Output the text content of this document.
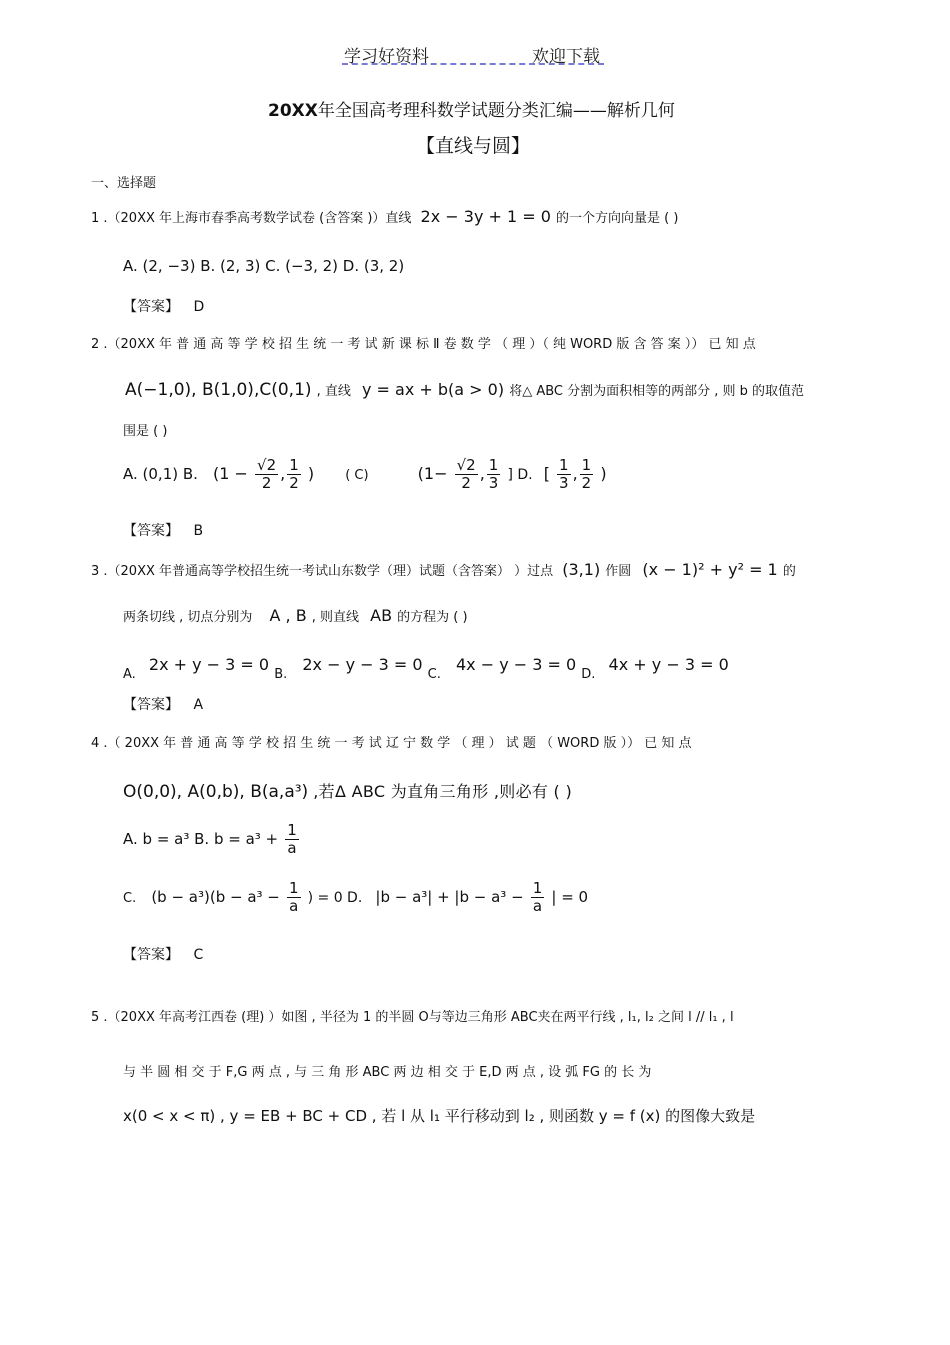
学习好资料	欢迎下载
20XX年全国高考理科数学试题分类汇编——解析几何
【直线与圆】
一、选择题
1 .（20XX 年上海市春季高考数学试卷 (含答案 )）直线 2x − 3y + 1 = 0 的一个方向向量是 ( )
A. (2, −3) B. (2, 3) C. (−3, 2) D. (3, 2)
【答案】 D
2 .（20XX 年 普 通 高 等 学 校 招 生 统 一 考 试 新 课 标 Ⅱ 卷 数 学 （ 理 ）（ 纯 WORD 版 含 答 案 ）） 已 知 点
A(−1,0), B(1,0),C(0,1) , 直线 y = ax + b(a > 0) 将△ ABC 分割为面积相等的两部分 , 则 b 的取值范
围是 ( )
A. (0,1) B. ($1 - \frac{√2}{2}$ , $\frac{1}{2}$ ) ( C)	($1- \frac{√2}{2}$ , $\frac{1}{3}$ ] D. [ $\frac{1}{3}$ , $\frac{1}{2}$ )
【答案】 B
3 .（20XX 年普通高等学校招生统一考试山东数学（理）试题（含答案） ）过点 (3,1) 作圆 (x − 1)² + y² = 1 的
两条切线 , 切点分别为 A , B , 则直线 AB 的方程为 ( )
$_{A.}$ 2x + y − 3 = 0 $_{B.}$ 2x − y − 3 = 0 $_{C.}$ 4x − y − 3 = 0 $_{D.}$ 4x + y − 3 = 0
【答案】 A
4 .（ 20XX 年 普 通 高 等 学 校 招 生 统 一 考 试 辽 宁 数 学 （ 理 ） 试 题 （ WORD 版 ）） 已 知 点
O(0,0), A(0,b), B(a,a³) ,若Δ ABC 为直角三角形 ,则必有 ( )
A. b = a³ B. $b = a^3 + \frac{1}{a}$
C. $(b - a^3)(b - a^3 - \frac{1}{a}$ ) = 0 D. $|b - a^3| + |b - a^3 - \frac{1}{a}$ | = 0
【答案】 C
5 .（20XX 年高考江西卷 (理) ）如图 , 半径为 1 的半圆 O与等边三角形 ABC夹在两平行线 , l₁, l₂ 之间 l // l₁ , l
与 半 圆 相 交 于 F,G 两 点 , 与 三 角 形 ABC 两 边 相 交 于 E,D 两 点 , 设 弧 FG 的 长 为
x(0 < x < π) , y = EB + BC + CD , 若 l 从 l₁ 平行移动到 l₂ , 则函数 y = f (x) 的图像大致是
